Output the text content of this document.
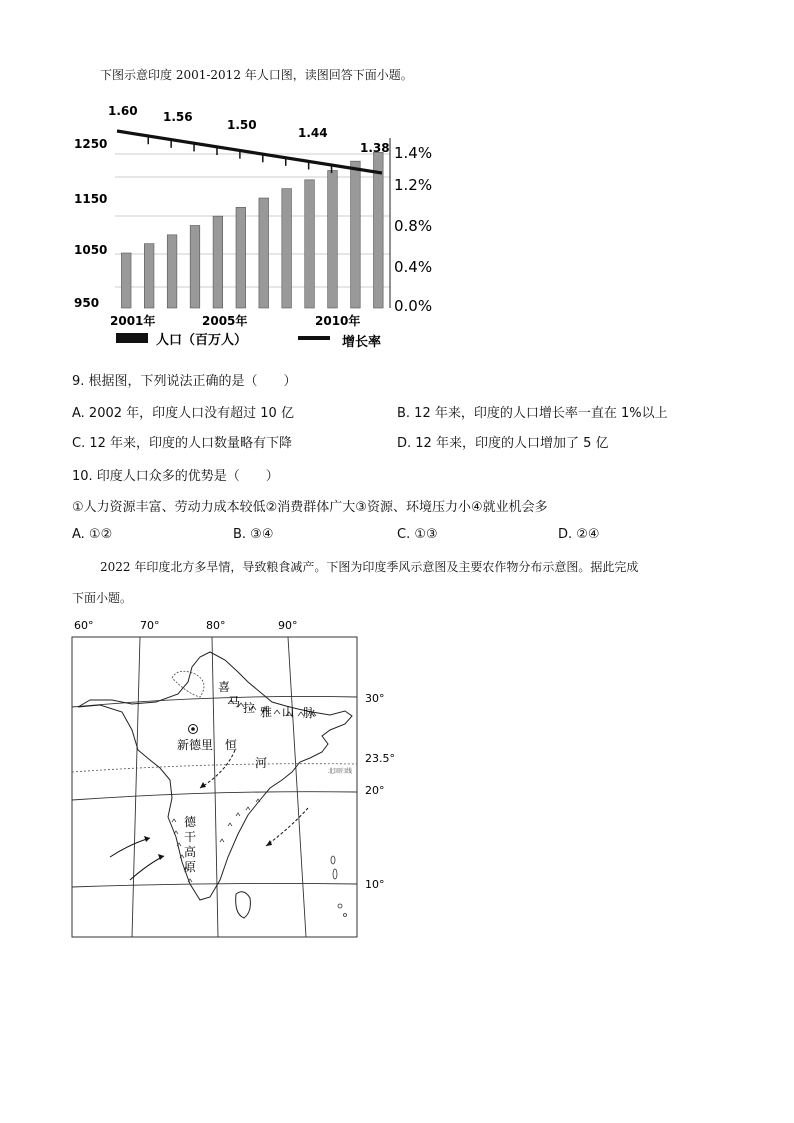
下图示意印度 2001-2012 年人口图，读图回答下面小题。
1250
1150
1050
950
1.4%
1.2%
0.8%
0.4%
0.0%
2001年	2005年	2010年
1.60 1.56
1.50
1.44
1.38
人口（百万人）	增长率
9. 根据图，下列说法正确的是（　　）
A. 2002 年，印度人口没有超过 10 亿	B. 12 年来，印度的人口增长率一直在 1%以上
C. 12 年来，印度的人口数量略有下降	D. 12 年来，印度的人口增加了 5 亿
10. 印度人口众多的优势是（　　）
①人力资源丰富、劳动力成本较低②消费群体广大③资源、环境压力小④就业机会多
A. ①②	B. ③④	C. ①③	D. ②④
2022 年印度北方多旱情，导致粮食减产。下图为印度季风示意图及主要农作物分布示意图。据此完成
下面小题。
60°	70°	80°	90°
30°
23.5°
20°
10°
北回归线
喜
马 拉 雅 山 脉
新德里 恒
河
德
干
高
原
